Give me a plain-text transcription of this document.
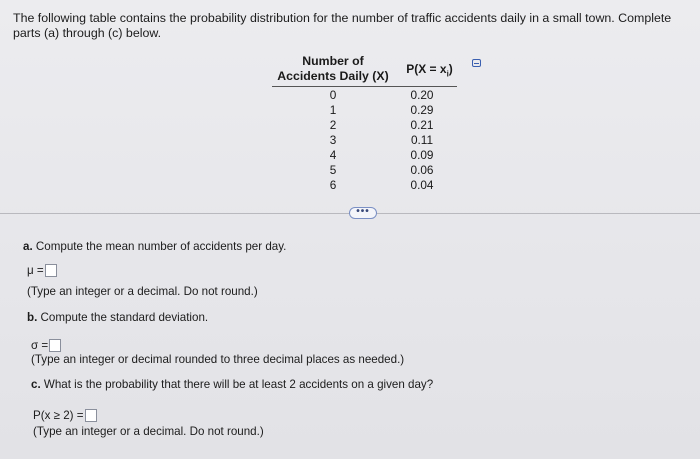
The following table contains the probability distribution for the number of traffic accidents daily in a small town. Complete parts (a) through (c) below.
Number of Accidents Daily (X)	$P(X = x_i)$
0
1
2
3
4
5
6
0.20
0.29
0.21
0.11
0.09
0.06
0.04
•••
a. Compute the mean number of accidents per day.
μ =
(Type an integer or a decimal. Do not round.)
b. Compute the standard deviation.
σ =
(Type an integer or decimal rounded to three decimal places as needed.)
c. What is the probability that there will be at least 2 accidents on a given day?
P(x ≥ 2) =
(Type an integer or a decimal. Do not round.)
